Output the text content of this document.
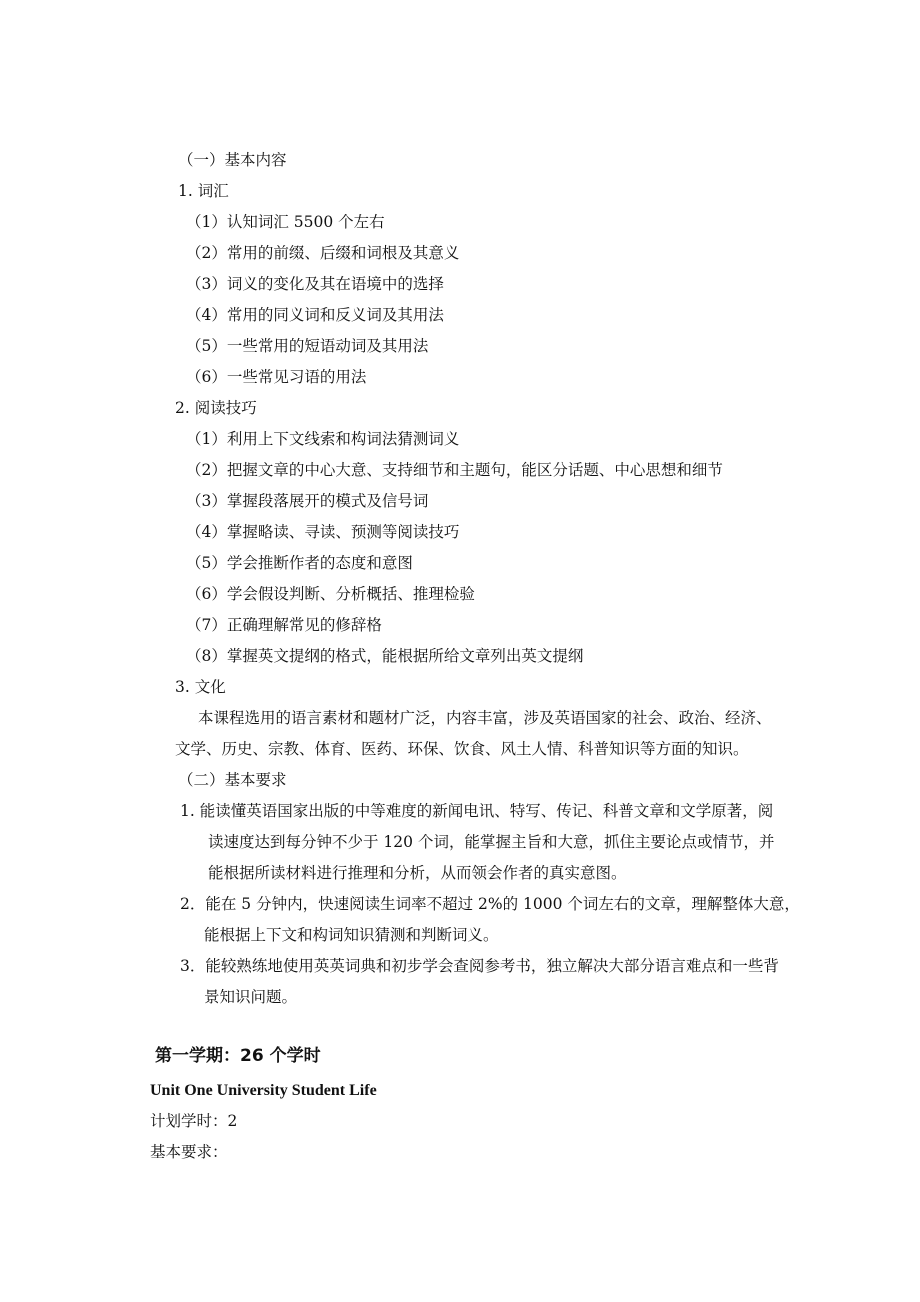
（一）基本内容
1. 词汇
（1）认知词汇 5500 个左右
（2）常用的前缀、后缀和词根及其意义
（3）词义的变化及其在语境中的选择
（4）常用的同义词和反义词及其用法
（5）一些常用的短语动词及其用法
（6）一些常见习语的用法
2. 阅读技巧
（1）利用上下文线索和构词法猜测词义
（2）把握文章的中心大意、支持细节和主题句，能区分话题、中心思想和细节
（3）掌握段落展开的模式及信号词
（4）掌握略读、寻读、预测等阅读技巧
（5）学会推断作者的态度和意图
（6）学会假设判断、分析概括、推理检验
（7）正确理解常见的修辞格
（8）掌握英文提纲的格式，能根据所给文章列出英文提纲
3. 文化
本课程选用的语言素材和题材广泛，内容丰富，涉及英语国家的社会、政治、经济、
文学、历史、宗教、体育、医药、环保、饮食、风土人情、科普知识等方面的知识。
（二）基本要求
1. 能读懂英语国家出版的中等难度的新闻电讯、特写、传记、科普文章和文学原著，阅
读速度达到每分钟不少于 120 个词，能掌握主旨和大意，抓住主要论点或情节，并
能根据所读材料进行推理和分析，从而领会作者的真实意图。
2．能在 5 分钟内，快速阅读生词率不超过 2%的 1000 个词左右的文章，理解整体大意，
能根据上下文和构词知识猜测和判断词义。
3．能较熟练地使用英英词典和初步学会查阅参考书，独立解决大部分语言难点和一些背
景知识问题。
第一学期：26 个学时
Unit One University Student Life
计划学时：2
基本要求：
